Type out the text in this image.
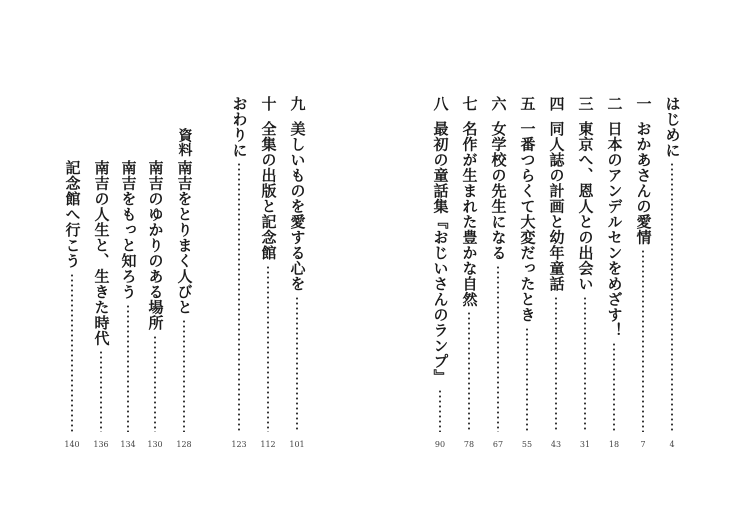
はじめに
4
一
おかあさんの愛情
7
二
日本のアンデルセンをめざす！
18
三
東京へ、恩人との出会い
31
四
同人誌の計画と幼年童話
43
五
一番つらくて大変だったとき
55
六
女学校の先生になる
67
七
名作が生まれた豊かな自然
78
八
最初の童話集『おじいさんのランプ』
90
九
美しいものを愛する心を
101
十
全集の出版と記念館
112
おわりに
123
資料
南吉をとりまく人びと
128
南吉のゆかりのある場所
130
南吉をもっと知ろう
134
南吉の人生と、生きた時代
136
記念館へ行こう
140
